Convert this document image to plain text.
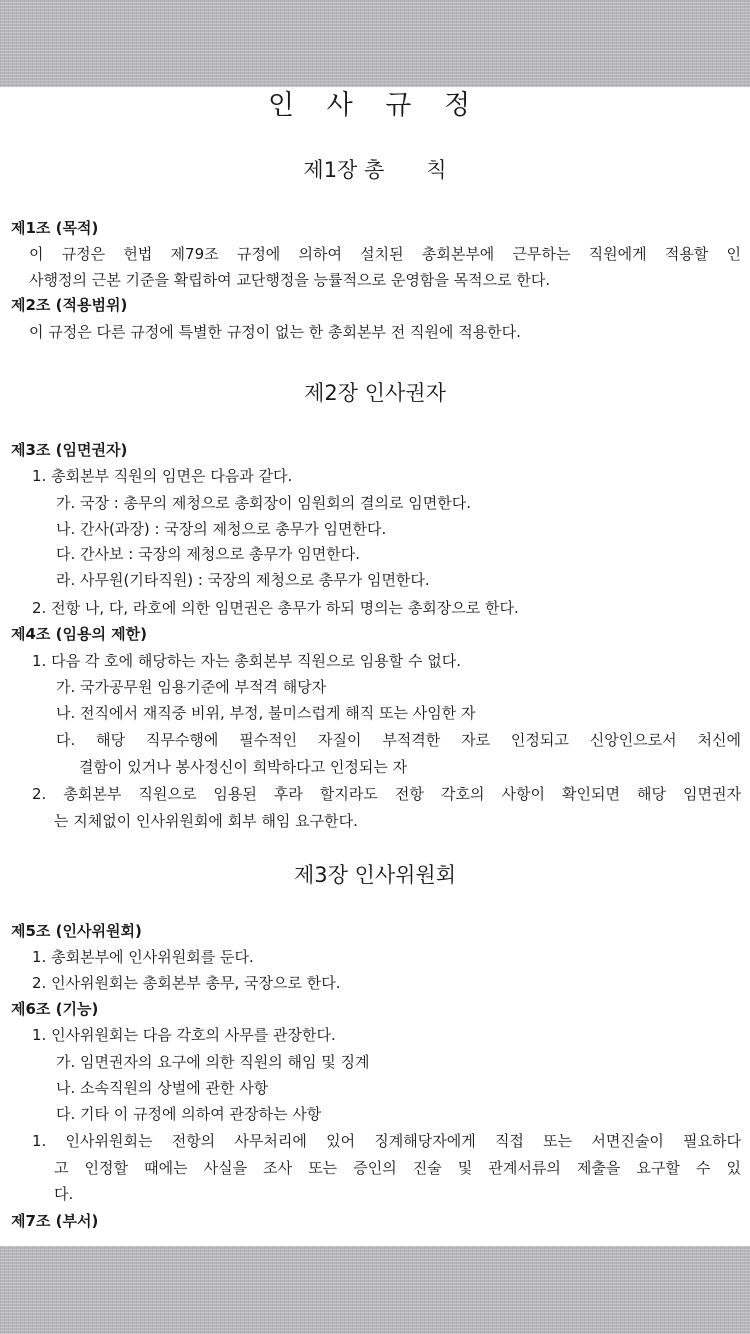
인 사 규 정
제1장 총　　칙
제1조 (목적)
이 규정은 헌법 제79조 규정에 의하여 설치된 총회본부에 근무하는 직원에게 적용할 인
사행정의 근본 기준을 확립하여 교단행정을 능률적으로 운영함을 목적으로 한다.
제2조 (적용범위)
이 규정은 다른 규정에 특별한 규정이 없는 한 총회본부 전 직원에 적용한다.
제2장 인사권자
제3조 (임면권자)
1. 총회본부 직원의 임면은 다음과 같다.
가. 국장 : 총무의 제청으로 총회장이 임원회의 결의로 임면한다.
나. 간사(과장) : 국장의 제청으로 총무가 임면한다.
다. 간사보 : 국장의 제청으로 총무가 임면한다.
라. 사무원(기타직원) : 국장의 제청으로 총무가 임면한다.
2. 전항 나, 다, 라호에 의한 임면권은 총무가 하되 명의는 총회장으로 한다.
제4조 (임용의 제한)
1. 다음 각 호에 해당하는 자는 총회본부 직원으로 임용할 수 없다.
가. 국가공무원 임용기준에 부적격 해당자
나. 전직에서 재직중 비위, 부정, 불미스럽게 해직 또는 사임한 자
다. 해당 직무수행에 필수적인 자질이 부적격한 자로 인정되고 신앙인으로서 처신에
결함이 있거나 봉사정신이 희박하다고 인정되는 자
2. 총회본부 직원으로 임용된 후라 할지라도 전항 각호의 사항이 확인되면 해당 임면권자
는 지체없이 인사위원회에 회부 해임 요구한다.
제3장 인사위원회
제5조 (인사위원회)
1. 총회본부에 인사위원회를 둔다.
2. 인사위원회는 총회본부 총무, 국장으로 한다.
제6조 (기능)
1. 인사위원회는 다음 각호의 사무를 관장한다.
가. 임면권자의 요구에 의한 직원의 해임 및 징계
나. 소속직원의 상벌에 관한 사항
다. 기타 이 규정에 의하여 관장하는 사항
1. 인사위원회는 전항의 사무처리에 있어 징계해당자에게 직접 또는 서면진술이 필요하다
고 인정할 때에는 사실을 조사 또는 증인의 진술 및 관계서류의 제출을 요구할 수 있
다.
제7조 (부서)
